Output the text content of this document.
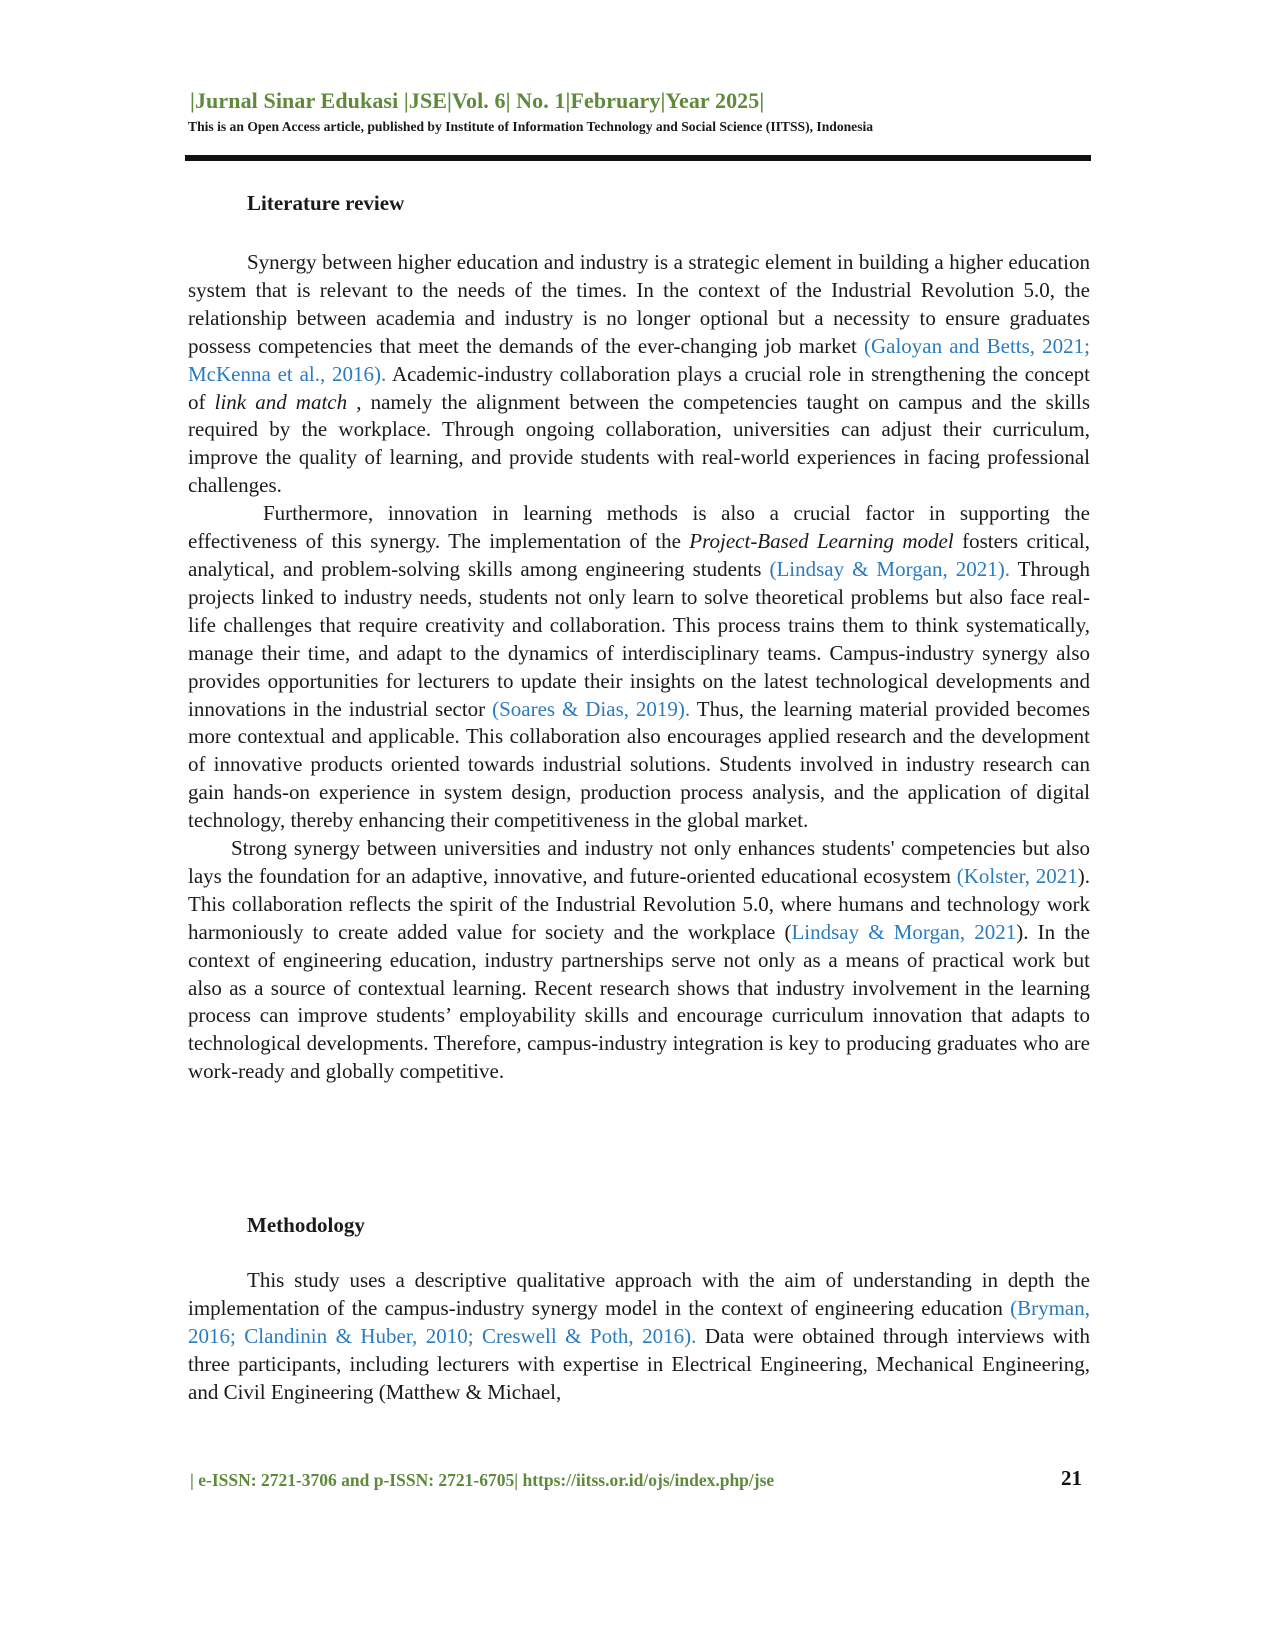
|Jurnal Sinar Edukasi |JSE|Vol. 6| No. 1|February|Year 2025|
This is an Open Access article, published by Institute of Information Technology and Social Science (IITSS), Indonesia
Literature review

Synergy between higher education and industry is a strategic element in building a higher education system that is relevant to the needs of the times. In the context of the Industrial Revolution 5.0, the relationship between academia and industry is no longer optional but a necessity to ensure graduates possess competencies that meet the demands of the ever-changing job market (Galoyan and Betts, 2021; McKenna et al., 2016). Academic-industry collaboration plays a crucial role in strengthening the concept of link and match , namely the alignment between the competencies taught on campus and the skills required by the workplace. Through ongoing collaboration, universities can adjust their curriculum, improve the quality of learning, and provide students with real-world experiences in facing professional challenges.

Furthermore, innovation in learning methods is also a crucial factor in supporting the effectiveness of this synergy. The implementation of the Project-Based Learning model fosters critical, analytical, and problem-solving skills among engineering students (Lindsay & Morgan, 2021). Through projects linked to industry needs, students not only learn to solve theoretical problems but also face real-life challenges that require creativity and collaboration. This process trains them to think systematically, manage their time, and adapt to the dynamics of interdisciplinary teams. Campus-industry synergy also provides opportunities for lecturers to update their insights on the latest technological developments and innovations in the industrial sector (Soares & Dias, 2019). Thus, the learning material provided becomes more contextual and applicable. This collaboration also encourages applied research and the development of innovative products oriented towards industrial solutions. Students involved in industry research can gain hands-on experience in system design, production process analysis, and the application of digital technology, thereby enhancing their competitiveness in the global market.

Strong synergy between universities and industry not only enhances students' competencies but also lays the foundation for an adaptive, innovative, and future-oriented educational ecosystem (Kolster, 2021). This collaboration reflects the spirit of the Industrial Revolution 5.0, where humans and technology work harmoniously to create added value for society and the workplace (Lindsay & Morgan, 2021). In the context of engineering education, industry partnerships serve not only as a means of practical work but also as a source of contextual learning. Recent research shows that industry involvement in the learning process can improve students’ employability skills and encourage curriculum innovation that adapts to technological developments. Therefore, campus-industry integration is key to producing graduates who are work-ready and globally competitive.

Methodology

This study uses a descriptive qualitative approach with the aim of understanding in depth the implementation of the campus-industry synergy model in the context of engineering education (Bryman, 2016; Clandinin & Huber, 2010; Creswell & Poth, 2016). Data were obtained through interviews with three participants, including lecturers with expertise in Electrical Engineering, Mechanical Engineering, and Civil Engineering (Matthew & Michael,

| e-ISSN: 2721-3706 and p-ISSN: 2721-6705| https://iitss.or.id/ojs/index.php/jse	21
